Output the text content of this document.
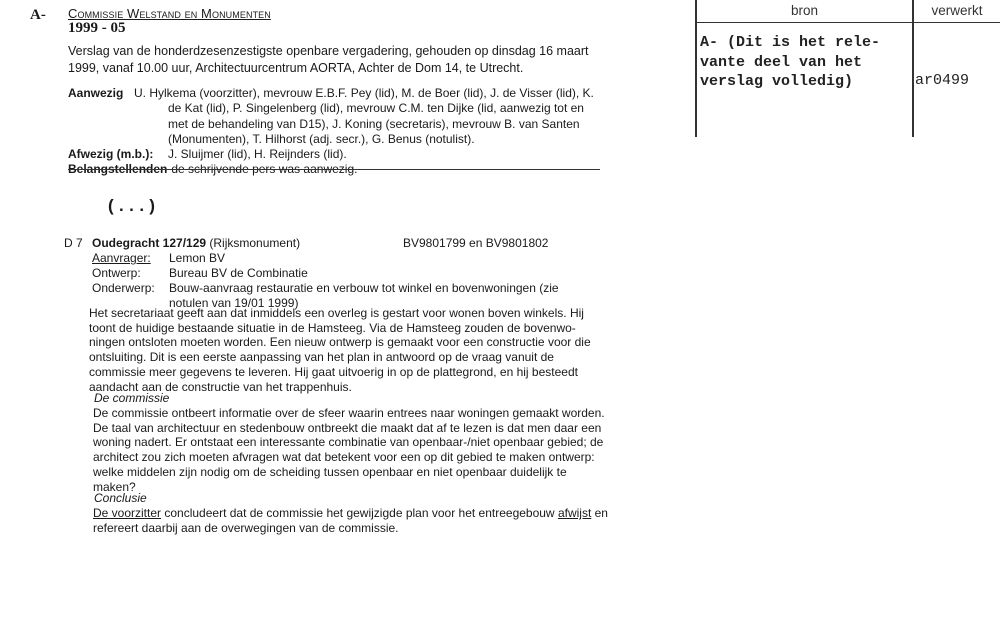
A- Commissie Welstand en Monumenten
1999 - 05
Verslag van de honderdzesenzestigste openbare vergadering, gehouden op dinsdag 16 maart 1999, vanaf 10.00 uur, Architectuurcentrum AORTA, Achter de Dom 14, te Utrecht.
Aanwezig U. Hylkema (voorzitter), mevrouw E.B.F. Pey (lid), M. de Boer (lid), J. de Visser (lid), K.
de Kat (lid), P. Singelenberg (lid), mevrouw C.M. ten Dijke (lid, aanwezig tot en
met de behandeling van D15), J. Koning (secretaris), mevrouw B. van Santen
(Monumenten), T. Hilhorst (adj. secr.), G. Benus (notulist).
Afwezig (m.b.):	J. Sluijmer (lid), H. Reijnders (lid).
Belangstellenden de schrijvende pers was aanwezig.
(...)
D 7 Oudegracht 127/129 (Rijksmonument)	BV9801799 en BV9801802
Aanvrager:	Lemon BV
Ontwerp:	Bureau BV de Combinatie
Onderwerp:	Bouw-aanvraag restauratie en verbouw tot winkel en bovenwoningen (zie notulen van 19/01 1999)
Het secretariaat geeft aan dat inmiddels een overleg is gestart voor wonen boven winkels. Hij toont de huidige bestaande situatie in de Hamsteeg. Via de Hamsteeg zouden de bovenwo-ningen ontsloten moeten worden. Een nieuw ontwerp is gemaakt voor een constructie voor die ontsluiting. Dit is een eerste aanpassing van het plan in antwoord op de vraag vanuit de commissie meer gegevens te leveren. Hij gaat uitvoerig in op de plattegrond, en hij besteedt aandacht aan de constructie van het trappenhuis.
De commissie
De commissie ontbeert informatie over de sfeer waarin entrees naar woningen gemaakt worden. De taal van architectuur en stedenbouw ontbreekt die maakt dat af te lezen is dat men daar een woning nadert. Er ontstaat een interessante combinatie van openbaar-/niet openbaar gebied; de architect zou zich moeten afvragen wat dat betekent voor een op dit gebied te maken ontwerp: welke middelen zijn nodig om de scheiding tussen openbaar en niet openbaar duidelijk te maken?
Conclusie
De voorzitter concludeert dat de commissie het gewijzigde plan voor het entreegebouw afwijst en refereert daarbij aan de overwegingen van de commissie.
bron	verwerkt
A- (Dit is het rele-
vante deel van het
verslag volledig)	ar0499
